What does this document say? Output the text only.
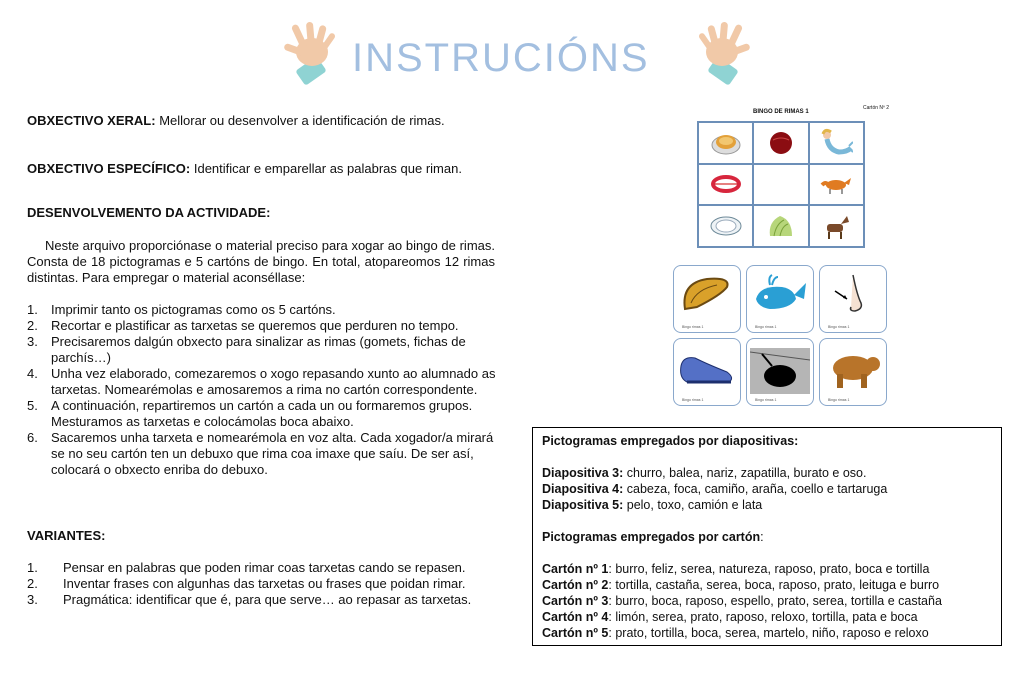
INSTRUCIÓNS
OBXECTIVO XERAL: Mellorar ou desenvolver a identificación de rimas.
OBXECTIVO ESPECÍFICO: Identificar e emparellar as palabras que riman.
DESENVOLVEMENTO DA ACTIVIDADE:
Neste arquivo proporciónase o material preciso para xogar ao bingo de rimas. Consta de 18 pictogramas e 5 cartóns de bingo. En total, atopareomos 12 rimas distintas. Para empregar o material aconséllase:
1. Imprimir tanto os pictogramas como os 5 cartóns.
2. Recortar e plastificar as tarxetas se queremos que perduren no tempo.
3. Precisaremos dalgún obxecto para sinalizar as rimas (gomets, fichas de parchís…)
4. Unha vez elaborado, comezaremos o xogo repasando xunto ao alumnado as tarxetas. Nomearémolas e amosaremos a rima no cartón correspondente.
5. A continuación, repartiremos un cartón a cada un ou formaremos grupos. Mesturamos as tarxetas e colocámolas boca abaixo.
6. Sacaremos unha tarxeta e nomearémola en voz alta. Cada xogador/a mirará se no seu cartón ten un debuxo que rima coa imaxe que saíu. De ser así, colocará o obxecto enriba do debuxo.
VARIANTES:
1. Pensar en palabras que poden rimar coas tarxetas cando se repasen.
2. Inventar frases con algunhas das tarxetas ou frases que poidan rimar.
3. Pragmática: identificar que é, para que serve… ao repasar as tarxetas.
BINGO DE RIMAS 1
Cartón Nº 2
Bingo rimas 1	Bingo rimas 1	Bingo rimas 1
Bingo rimas 1	Bingo rimas 1	Bingo rimas 1
Pictogramas empregados por diapositivas:
Diapositiva 3: churro, balea, nariz, zapatilla, burato e oso.
Diapositiva 4: cabeza, foca, camiño, araña, coello e tartaruga
Diapositiva 5: pelo, toxo, camión e lata
Pictogramas empregados por cartón:
Cartón nº 1: burro, feliz, serea, natureza, raposo, prato, boca e tortilla
Cartón nº 2: tortilla, castaña, serea, boca, raposo, prato, leituga e burro
Cartón nº 3: burro, boca, raposo, espello, prato, serea, tortilla e castaña
Cartón nº 4: limón, serea, prato, raposo, reloxo, tortilla, pata e boca
Cartón nº 5: prato, tortilla, boca, serea, martelo, niño, raposo e reloxo
